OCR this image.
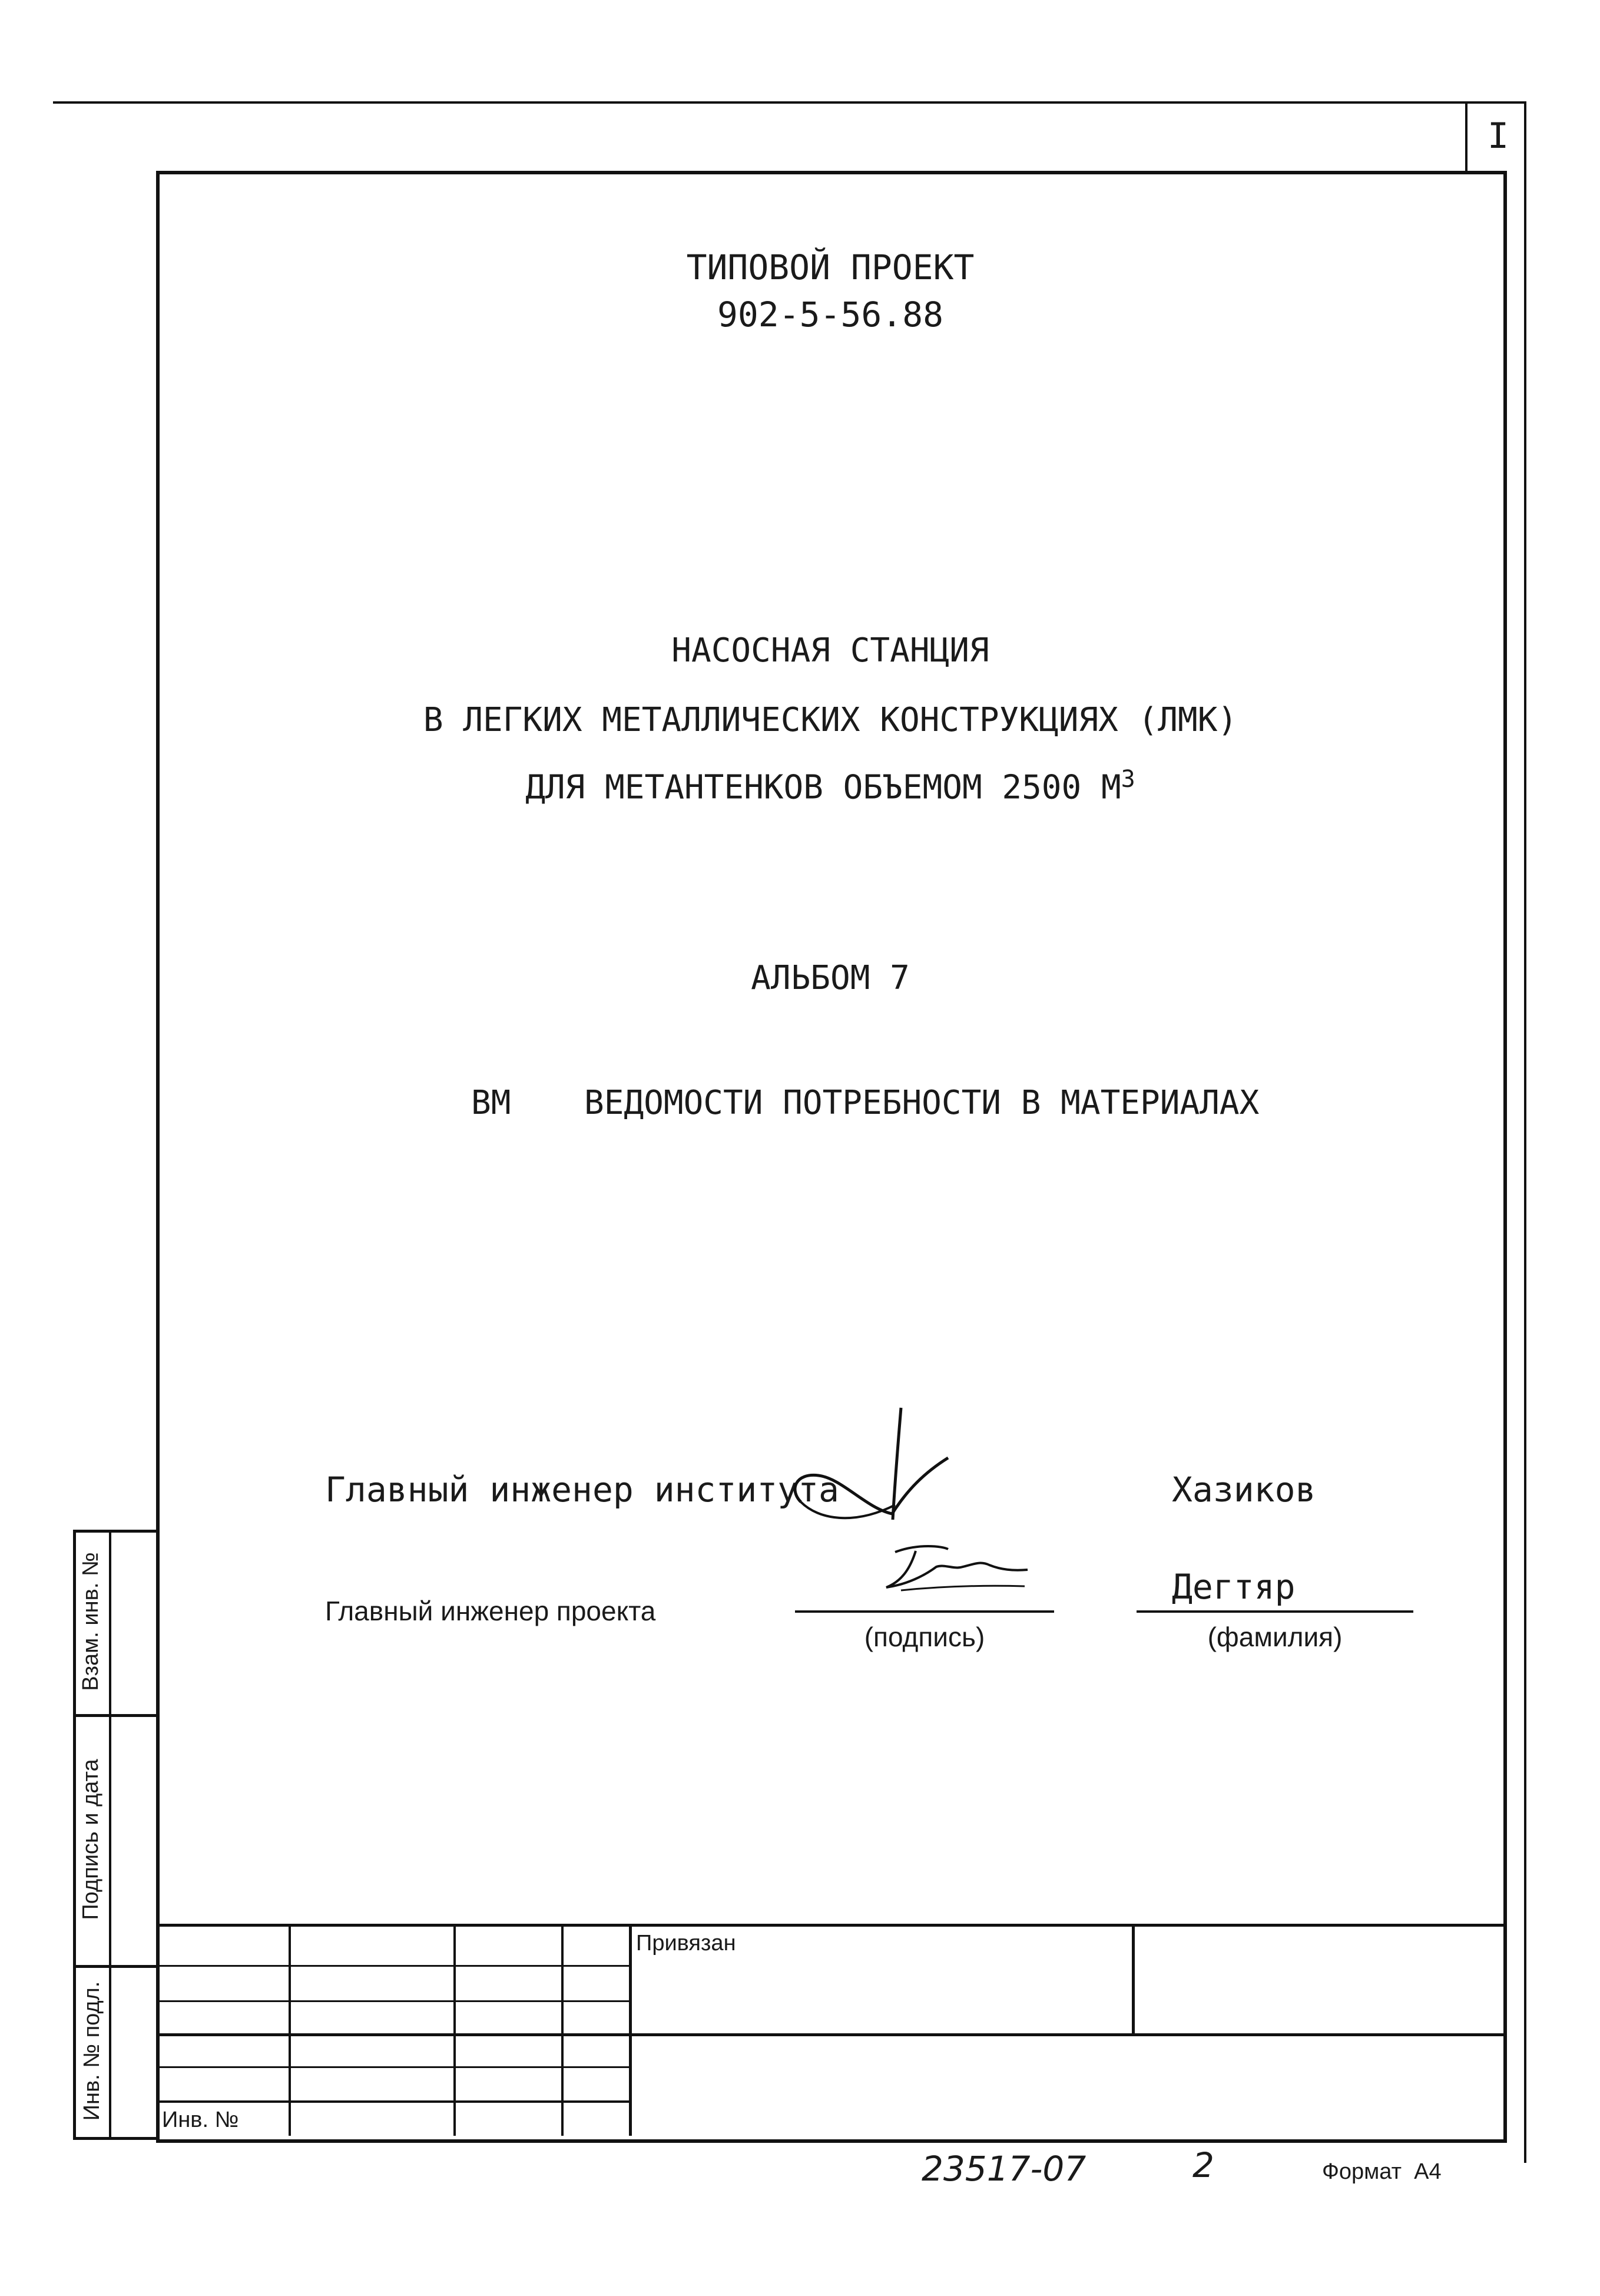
I
ТИПОВОЙ ПРОЕКТ
902-5-56.88
НАСОСНАЯ СТАНЦИЯ
В ЛЕГКИХ МЕТАЛЛИЧЕСКИХ КОНСТРУКЦИЯХ (ЛМК)
ДЛЯ МЕТАНТЕНКОВ ОБЪЕМОМ 2500 $М^3$
АЛЬБОМ 7
ВМ ВЕДОМОСТИ ПОТРЕБНОСТИ В МАТЕРИАЛАХ
Главный инженер института	Хазиков
Главный инженер проекта
(подпись)
Дегтяр
(фамилия)
Взам. инв. №
Подпись и дата
Инв. № подл.
Привязан
Инв. №
23517-07	2	Формат  А4
